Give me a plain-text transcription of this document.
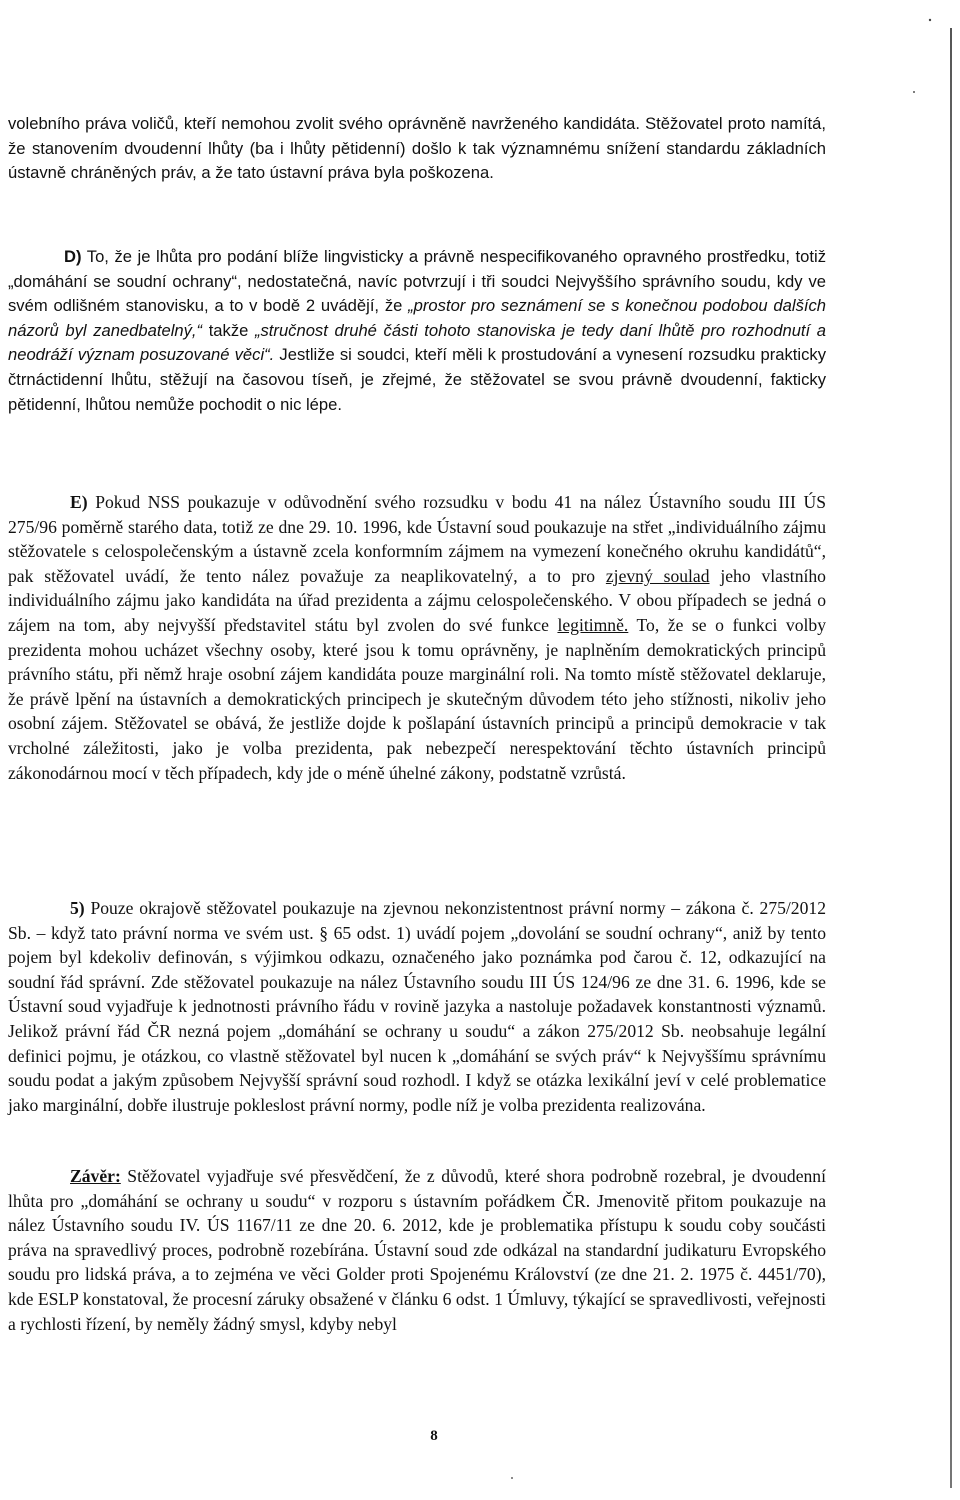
volebního práva voličů, kteří nemohou zvolit svého oprávněně navrženého kandidáta. Stěžovatel proto namítá, že stanovením dvoudenní lhůty (ba i lhůty pětidenní) došlo k tak významnému snížení standardu základních ústavně chráněných práv, a že tato ústavní práva byla poškozena.

D) To, že je lhůta pro podání blíže lingvisticky a právně nespecifikovaného opravného prostředku, totiž „domáhání se soudní ochrany“, nedostatečná, navíc potvrzují i tři soudci Nejvyššího správního soudu, kdy ve svém odlišném stanovisku, a to v bodě 2 uvádějí, že „prostor pro seznámení se s konečnou podobou dalších názorů byl zanedbatelný,“ takže „stručnost druhé části tohoto stanoviska je tedy daní lhůtě pro rozhodnutí a neodráží význam posuzované věci“. Jestliže si soudci, kteří měli k prostudování a vynesení rozsudku prakticky čtrnáctidenní lhůtu, stěžují na časovou tíseň, je zřejmé, že stěžovatel se svou právně dvoudenní, fakticky pětidenní, lhůtou nemůže pochodit o nic lépe.

E) Pokud NSS poukazuje v odůvodnění svého rozsudku v bodu 41 na nález Ústavního soudu III ÚS 275/96 poměrně starého data, totiž ze dne 29. 10. 1996, kde Ústavní soud poukazuje na střet „individuálního zájmu stěžovatele s celospolečenským a ústavně zcela konformním zájmem na vymezení konečného okruhu kandidátů“, pak stěžovatel uvádí, že tento nález považuje za neaplikovatelný, a to pro zjevný soulad jeho vlastního individuálního zájmu jako kandidáta na úřad prezidenta a zájmu celospolečenského. V obou případech se jedná o zájem na tom, aby nejvyšší představitel státu byl zvolen do své funkce legitimně. To, že se o funkci volby prezidenta mohou ucházet všechny osoby, které jsou k tomu oprávněny, je naplněním demokratických principů právního státu, při němž hraje osobní zájem kandidáta pouze marginální roli. Na tomto místě stěžovatel deklaruje, že právě lpění na ústavních a demokratických principech je skutečným důvodem této jeho stížnosti, nikoliv jeho osobní zájem. Stěžovatel se obává, že jestliže dojde k pošlapání ústavních principů a principů demokracie v tak vrcholné záležitosti, jako je volba prezidenta, pak nebezpečí nerespektování těchto ústavních principů zákonodárnou mocí v těch případech, kdy jde o méně úhelné zákony, podstatně vzrůstá.

5) Pouze okrajově stěžovatel poukazuje na zjevnou nekonzistentnost právní normy – zákona č. 275/2012 Sb. – když tato právní norma ve svém ust. § 65 odst. 1) uvádí pojem „dovolání se soudní ochrany“, aniž by tento pojem byl kdekoliv definován, s výjimkou odkazu, označeného jako poznámka pod čarou č. 12, odkazující na soudní řád správní. Zde stěžovatel poukazuje na nález Ústavního soudu III ÚS 124/96 ze dne 31. 6. 1996, kde se Ústavní soud vyjadřuje k jednotnosti právního řádu v rovině jazyka a nastoluje požadavek konstantnosti významů. Jelikož právní řád ČR nezná pojem „domáhání se ochrany u soudu“ a zákon 275/2012 Sb. neobsahuje legální definici pojmu, je otázkou, co vlastně stěžovatel byl nucen k „domáhání se svých práv“ k Nejvyššímu správnímu soudu podat a jakým způsobem Nejvyšší správní soud rozhodl. I když se otázka lexikální jeví v celé problematice jako marginální, dobře ilustruje pokleslost právní normy, podle níž je volba prezidenta realizována.

Závěr: Stěžovatel vyjadřuje své přesvědčení, že z důvodů, které shora podrobně rozebral, je dvoudenní lhůta pro „domáhání se ochrany u soudu“ v rozporu s ústavním pořádkem ČR. Jmenovitě přitom poukazuje na nález Ústavního soudu IV. ÚS 1167/11 ze dne 20. 6. 2012, kde je problematika přístupu k soudu coby součásti práva na spravedlivý proces, podrobně rozebírána. Ústavní soud zde odkázal na standardní judikaturu Evropského soudu pro lidská práva, a to zejména ve věci Golder proti Spojenému Království (ze dne 21. 2. 1975 č. 4451/70), kde ESLP konstatoval, že procesní záruky obsažené v článku 6 odst. 1 Úmluvy, týkající se spravedlivosti, veřejnosti a rychlosti řízení, by neměly žádný smysl, kdyby nebyl

8
